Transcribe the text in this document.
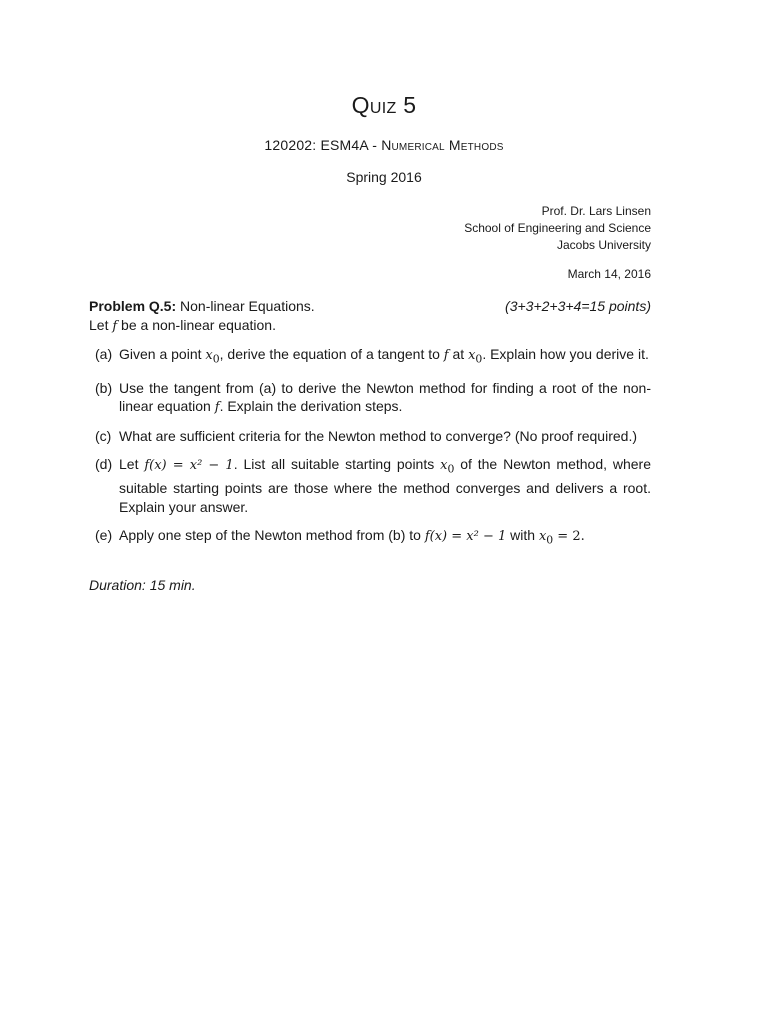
Quiz 5
120202: ESM4A - Numerical Methods
Spring 2016
Prof. Dr. Lars Linsen
School of Engineering and Science
Jacobs University
March 14, 2016
Problem Q.5: Non-linear Equations.	(3+3+2+3+4=15 points)
Let f be a non-linear equation.
(a) Given a point $x_0$, derive the equation of a tangent to f at $x_0$. Explain how you derive it.
(b) Use the tangent from (a) to derive the Newton method for finding a root of the non-linear equation f. Explain the derivation steps.
(c) What are sufficient criteria for the Newton method to converge? (No proof required.)
(d) Let f(x) = x² − 1. List all suitable starting points $x_0$ of the Newton method, where suitable starting points are those where the method converges and delivers a root. Explain your answer.
(e) Apply one step of the Newton method from (b) to f(x) = x² − 1 with $x_0 = 2$.
Duration: 15 min.
